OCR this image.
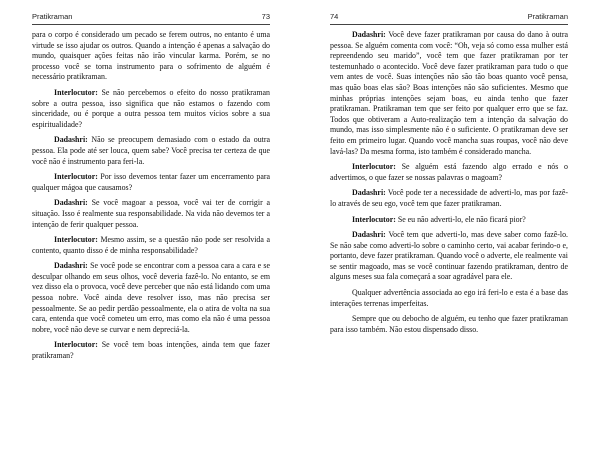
Pratikraman	73

para o corpo é considerado um pecado se ferem outros, no entanto é uma virtude se isso ajudar os outros. Quando a intenção é apenas a salvação do mundo, quaisquer ações feitas não irão vincular karma. Porém, se no processo você se torna instrumento para o sofrimento de alguém é necessário pratikraman.

Interlocutor: Se não percebemos o efeito do nosso pratikraman sobre a outra pessoa, isso significa que não estamos o fazendo com sinceridade, ou é porque a outra pessoa tem muitos vícios sobre a sua espiritualidade?

Dadashri: Não se preocupem demasiado com o estado da outra pessoa. Ela pode até ser louca, quem sabe? Você precisa ter certeza de que você não é instrumento para feri-la.

Interlocutor: Por isso devemos tentar fazer um encerramento para qualquer mágoa que causamos?

Dadashri: Se você magoar a pessoa, você vai ter de corrigir a situação. Isso é realmente sua responsabilidade. Na vida não devemos ter a intenção de ferir qualquer pessoa.

Interlocutor: Mesmo assim, se a questão não pode ser resolvida a contento, quanto disso é de minha responsabilidade?

Dadashri: Se você pode se encontrar com a pessoa cara a cara e se desculpar olhando em seus olhos, você deveria fazê-lo. No entanto, se em vez disso ela o provoca, você deve perceber que não está lidando com uma pessoa nobre. Você ainda deve resolver isso, mas não precisa ser pessoalmente. Se ao pedir perdão pessoalmente, ela o atira de volta na sua cara, entenda que você cometeu um erro, mas como ela não é uma pessoa nobre, você não deve se curvar e nem depreciá-la.

Interlocutor: Se você tem boas intenções, ainda tem que fazer pratikraman?

74	Pratikraman

Dadashri: Você deve fazer pratikraman por causa do dano à outra pessoa. Se alguém comenta com você: “Oh, veja só como essa mulher está repreendendo seu marido”, você tem que fazer pratikraman por ter testemunhado o acontecido. Você deve fazer pratikraman para tudo o que vem antes de você. Suas intenções não são tão boas quanto você pensa, mas quão boas elas são? Boas intenções não são suficientes. Mesmo que minhas próprias intenções sejam boas, eu ainda tenho que fazer pratikraman. Pratikraman tem que ser feito por qualquer erro que se faz. Todos que obtiveram a Auto-realização tem a intenção da salvação do mundo, mas isso simplesmente não é o suficiente. O pratikraman deve ser feito em primeiro lugar. Quando você mancha suas roupas, você não deve lavá-las? Da mesma forma, isto também é considerado mancha.

Interlocutor: Se alguém está fazendo algo errado e nós o advertimos, o que fazer se nossas palavras o magoam?

Dadashri: Você pode ter a necessidade de adverti-lo, mas por fazê-lo através de seu ego, você tem que fazer pratikraman.

Interlocutor: Se eu não adverti-lo, ele não ficará pior?

Dadashri: Você tem que adverti-lo, mas deve saber como fazê-lo. Se não sabe como adverti-lo sobre o caminho certo, vai acabar ferindo-o e, portanto, deve fazer pratikraman. Quando você o adverte, ele realmente vai se sentir magoado, mas se você continuar fazendo pratikraman, dentro de alguns meses sua fala começará a soar agradável para ele.

Qualquer advertência associada ao ego irá feri-lo e esta é a base das interações terrenas imperfeitas.

Sempre que ou debocho de alguém, eu tenho que fazer pratikraman para isso também. Não estou dispensado disso.
